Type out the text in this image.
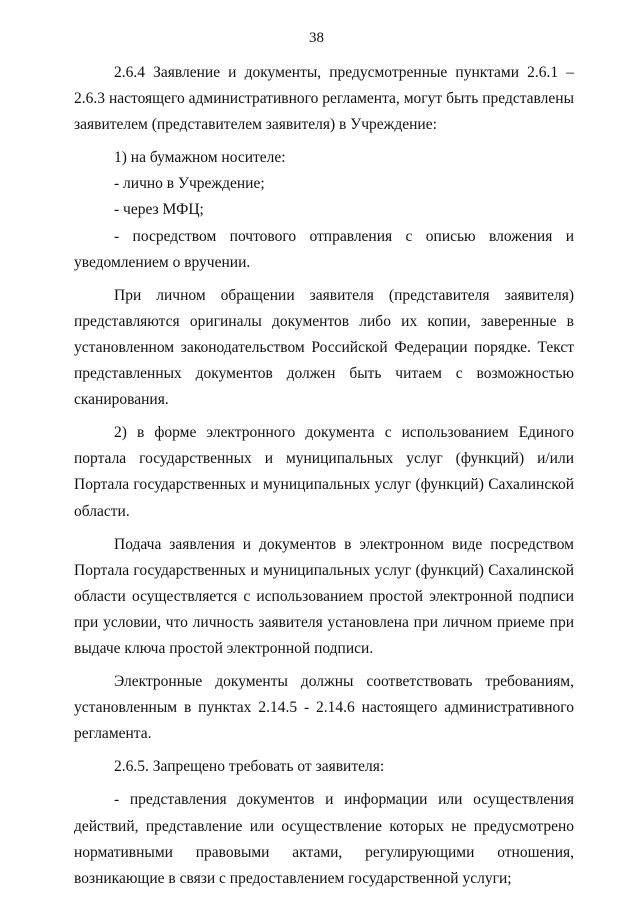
38

2.6.4 Заявление и документы, предусмотренные пунктами 2.6.1 – 2.6.3 настоящего административного регламента, могут быть представлены заявителем (представителем заявителя) в Учреждение:

1) на бумажном носителе:

- лично в Учреждение;

- через МФЦ;

- посредством почтового отправления с описью вложения и уведомлением о вручении.

При личном обращении заявителя (представителя заявителя) представляются оригиналы документов либо их копии, заверенные в установленном законодательством Российской Федерации порядке. Текст представленных документов должен быть читаем с возможностью сканирования.

2) в форме электронного документа с использованием Единого портала государственных и муниципальных услуг (функций) и/или Портала государственных и муниципальных услуг (функций) Сахалинской области.

Подача заявления и документов в электронном виде посредством Портала государственных и муниципальных услуг (функций) Сахалинской области осуществляется с использованием простой электронной подписи при условии, что личность заявителя установлена при личном приеме при выдаче ключа простой электронной подписи.

Электронные документы должны соответствовать требованиям, установленным в пунктах 2.14.5 - 2.14.6 настоящего административного регламента.

2.6.5. Запрещено требовать от заявителя:

- представления документов и информации или осуществления действий, представление или осуществление которых не предусмотрено нормативными правовыми актами, регулирующими отношения, возникающие в связи с предоставлением государственной услуги;
